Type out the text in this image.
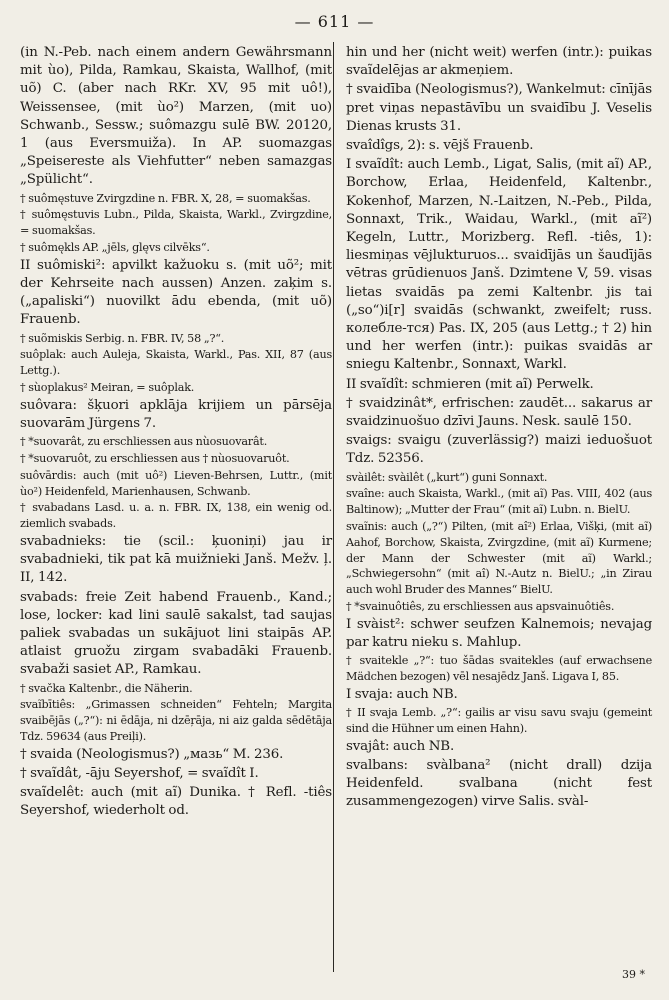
— 611 —

(in N.-Peb. nach einem andern Gewährsmann mit ùo), Pilda, Ramkau, Skaista, Wallhof, (mit uõ) C. (aber nach RKr. XV, 95 mit uô!), Weissensee, (mit ùo²) Marzen, (mit uo) Schwanb., Sessw.; suômazgu sulē BW. 20120, 1 (aus Eversmuiža). In AP. suomazgas „Speisereste als Viehfutter“ neben samazgas „Spülicht“.

† suômęstuve Zvirgzdine n. FBR. X, 28, = suomakšas.

† suômęstuvis Lubn., Pilda, Skaista, Warkl., Zvirgzdine, = suomakšas.

† suômękls AP. „jēls, glęvs cilvēks“.

II suômiski²: apvilkt kažuoku s. (mit uõ²; mit der Kehrseite nach aussen) Anzen. zaķim s. („apaliski“) nuovilkt ādu ebenda, (mit uõ) Frauenb.

† suõmiskis Serbig. n. FBR. IV, 58 „?“.

suôplak: auch Auleja, Skaista, Warkl., Pas. XII, 87 (aus Lettg.).

† sùoplakus² Meiran, = suôplak.

suôvara: šķuori apklāja krijiem un pārsēja suovarām Jürgens 7.

† *suovarât, zu erschliessen aus nùosuovarât.

† *suovaruôt, zu erschliessen aus † nùosuovaruôt.

suôvārdis: auch (mit uô²) Lieven-Behrsen, Luttr., (mit ùo²) Heidenfeld, Marienhausen, Schwanb.

† svabadans Lasd. u. a. n. FBR. IX, 138, ein wenig od. ziemlich svabads.

svabadnieks: tie (scil.: ķuoniņi) jau ir svabadnieki, tik pat kā muižnieki Janš. Mežv. ļ. II, 142.

svabads: freie Zeit habend Frauenb., Kand.; lose, locker: kad lini saulē sakalst, tad saujas paliek svabadas un sukājuot lini staipās AP. atlaist gruožu zirgam svabadāki Frauenb. svabaži sasiet AP., Ramkau.

† svačka Kaltenbr., die Näherin.

svaĩbītiês: „Grimassen schneiden“ Fehteln; Margita svaibējās („?“): ni ēdāja, ni dzēŗāja, ni aiz galda sēdētāja Tdz. 59634 (aus Preiļi).

† svaida (Neologismus?) „мазь“ M. 236.

† svaĩdât, -āju Seyershof, = svaĩdît I.

svaĩdelêt: auch (mit aĩ) Dunika. † Refl. -tiês Seyershof, wiederholt od.

hin und her (nicht weit) werfen (intr.): puikas svaĩdelējas ar akmeņiem.

† svaidība (Neologismus?), Wankelmut: cīnījās pret viņas nepastāvību un svaidību J. Veselis Dienas krusts 31.

svaîdîgs, 2): s. vējš Frauenb.

I svaĩdît: auch Lemb., Ligat, Salis, (mit aĩ) AP., Borchow, Erlaa, Heidenfeld, Kaltenbr., Kokenhof, Marzen, N.-Laitzen, N.-Peb., Pilda, Sonnaxt, Trik., Waidau, Warkl., (mit aĩ²) Kegeln, Luttr., Morizberg. Refl. -tiês, 1): liesmiņas vējlukturuos... svaidījās un šaudījās vētras grūdienuos Janš. Dzimtene V, 59. visas lietas svaidās pa zemi Kaltenbr. jis tai („so“)i[r] svaidās (schwankt, zweifelt; russ. колебле-тся) Pas. IX, 205 (aus Lettg.; † 2) hin und her werfen (intr.): puikas svaidās ar sniegu Kaltenbr., Sonnaxt, Warkl.

II svaĩdît: schmieren (mit aĩ) Perwelk.

† svaidzinât*, erfrischen: zaudēt... sakarus ar svaidzinuošuo dzīvi Jauns. Nesk. saulē 150.

svaigs: svaigu (zuverlässig?) maizi ieduošuot Tdz. 52356.

svàilêt: svàilêt („kurt“) guni Sonnaxt.

svaîne: auch Skaista, Warkl., (mit aĩ) Pas. VIII, 402 (aus Baltinow); „Mutter der Frau“ (mit aĩ) Lubn. n. BielU.

svaĩnis: auch („?“) Pilten, (mit aî²) Erlaa, Višķi, (mit aĩ) Aahof, Borchow, Skaista, Zvirgzdine, (mit aĩ) Kurmene; der Mann der Schwester (mit aĩ) Warkl.; „Schwiegersohn“ (mit aî) N.-Autz n. BielU.; „in Zirau auch wohl Bruder des Mannes“ BielU.

† *svainuôtiês, zu erschliessen aus apsvainuôtiês.

I svàist²: schwer seufzen Kalnemois; nevajag par katru nieku s. Mahlup.

† svaitekle „?“: tuo šādas svaitekles (auf erwachsene Mädchen bezogen) vēl nesajēdz Janš. Ligava I, 85.

I svaja: auch NB.

† II svaja Lemb. „?“: gailis ar visu savu svaju (gemeint sind die Hühner um einen Hahn).

svajât: auch NB.

svalbans: svàlbana² (nicht drall) dzija Heidenfeld. svalbana (nicht fest zusammengezogen) virve Salis. svàl-

39 *
